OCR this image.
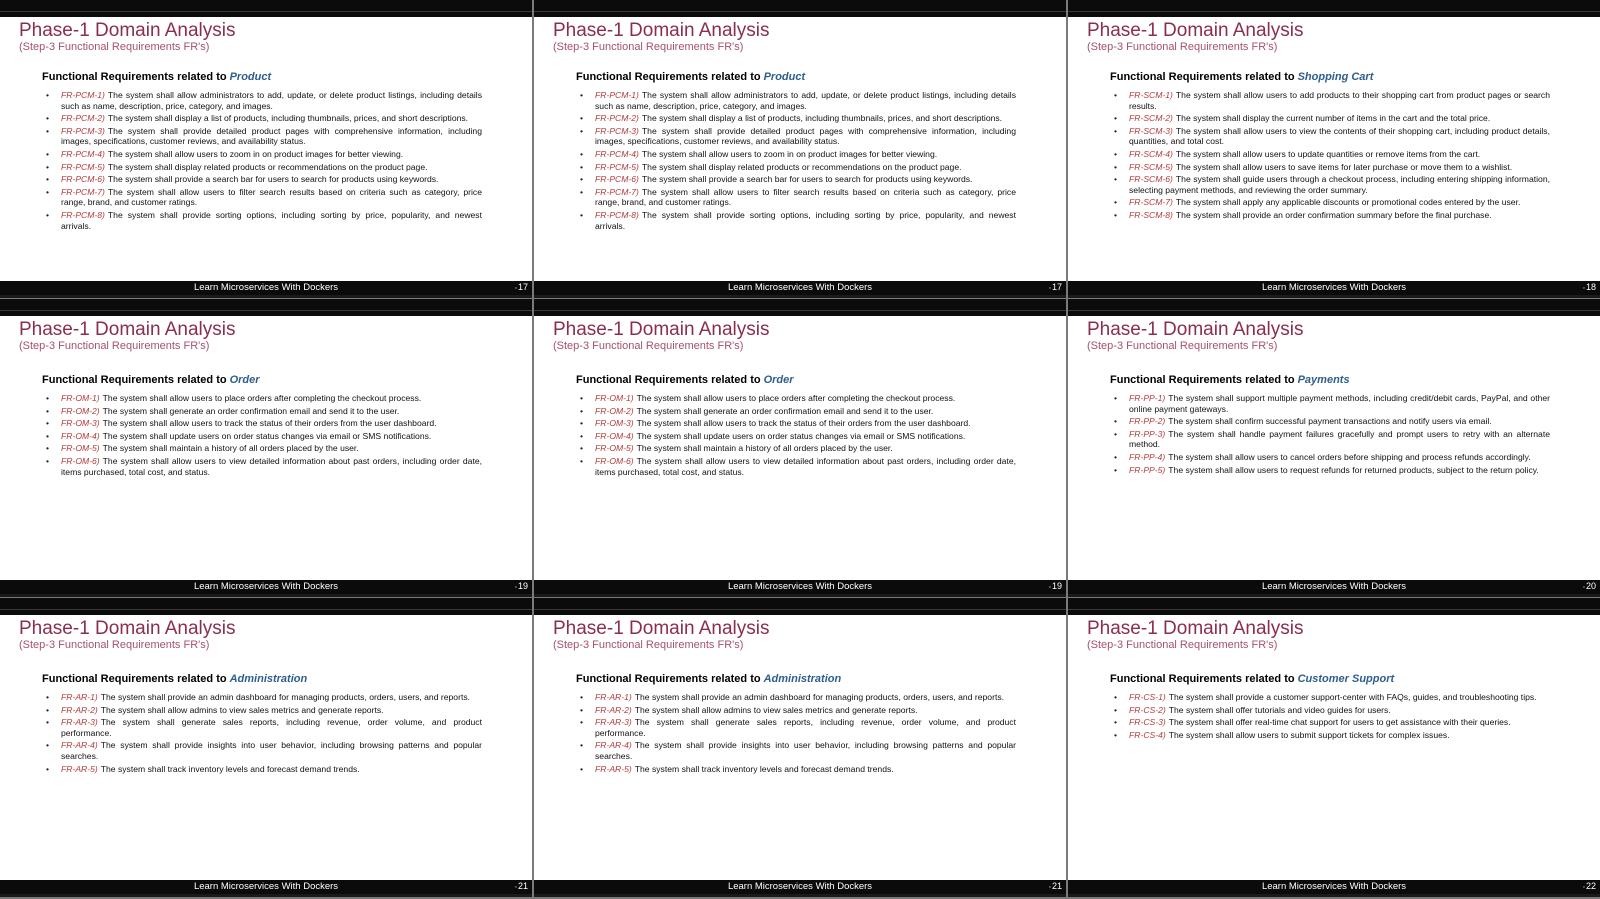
Phase-1 Domain Analysis
(Step-3 Functional Requirements FR's)
Functional Requirements related to Product
• FR-PCM-1) The system shall allow administrators to add, update, or delete product listings, including details such as name, description, price, category, and images.
• FR-PCM-2) The system shall display a list of products, including thumbnails, prices, and short descriptions.
• FR-PCM-3) The system shall provide detailed product pages with comprehensive information, including images, specifications, customer reviews, and availability status.
• FR-PCM-4) The system shall allow users to zoom in on product images for better viewing.
• FR-PCM-5) The system shall display related products or recommendations on the product page.
• FR-PCM-6) The system shall provide a search bar for users to search for products using keywords.
• FR-PCM-7) The system shall allow users to filter search results based on criteria such as category, price range, brand, and customer ratings.
• FR-PCM-8) The system shall provide sorting options, including sorting by price, popularity, and newest arrivals.
Learn Microservices With Dockers	▫ 17
Phase-1 Domain Analysis
(Step-3 Functional Requirements FR's)
Functional Requirements related to Product
• FR-PCM-1) The system shall allow administrators to add, update, or delete product listings, including details such as name, description, price, category, and images.
• FR-PCM-2) The system shall display a list of products, including thumbnails, prices, and short descriptions.
• FR-PCM-3) The system shall provide detailed product pages with comprehensive information, including images, specifications, customer reviews, and availability status.
• FR-PCM-4) The system shall allow users to zoom in on product images for better viewing.
• FR-PCM-5) The system shall display related products or recommendations on the product page.
• FR-PCM-6) The system shall provide a search bar for users to search for products using keywords.
• FR-PCM-7) The system shall allow users to filter search results based on criteria such as category, price range, brand, and customer ratings.
• FR-PCM-8) The system shall provide sorting options, including sorting by price, popularity, and newest arrivals.
Learn Microservices With Dockers	▫ 17
Phase-1 Domain Analysis
(Step-3 Functional Requirements FR's)
Functional Requirements related to Shopping Cart
• FR-SCM-1) The system shall allow users to add products to their shopping cart from product pages or search results.
• FR-SCM-2) The system shall display the current number of items in the cart and the total price.
• FR-SCM-3) The system shall allow users to view the contents of their shopping cart, including product details, quantities, and total cost.
• FR-SCM-4) The system shall allow users to update quantities or remove items from the cart.
• FR-SCM-5) The system shall allow users to save items for later purchase or move them to a wishlist.
• FR-SCM-6) The system shall guide users through a checkout process, including entering shipping information, selecting payment methods, and reviewing the order summary.
• FR-SCM-7) The system shall apply any applicable discounts or promotional codes entered by the user.
• FR-SCM-8) The system shall provide an order confirmation summary before the final purchase.
Learn Microservices With Dockers	▫ 18
Phase-1 Domain Analysis
(Step-3 Functional Requirements FR's)
Functional Requirements related to Order
• FR-OM-1) The system shall allow users to place orders after completing the checkout process.
• FR-OM-2) The system shall generate an order confirmation email and send it to the user.
• FR-OM-3) The system shall allow users to track the status of their orders from the user dashboard.
• FR-OM-4) The system shall update users on order status changes via email or SMS notifications.
• FR-OM-5) The system shall maintain a history of all orders placed by the user.
• FR-OM-6) The system shall allow users to view detailed information about past orders, including order date, items purchased, total cost, and status.
Learn Microservices With Dockers	▫ 19
Phase-1 Domain Analysis
(Step-3 Functional Requirements FR's)
Functional Requirements related to Order
• FR-OM-1) The system shall allow users to place orders after completing the checkout process.
• FR-OM-2) The system shall generate an order confirmation email and send it to the user.
• FR-OM-3) The system shall allow users to track the status of their orders from the user dashboard.
• FR-OM-4) The system shall update users on order status changes via email or SMS notifications.
• FR-OM-5) The system shall maintain a history of all orders placed by the user.
• FR-OM-6) The system shall allow users to view detailed information about past orders, including order date, items purchased, total cost, and status.
Learn Microservices With Dockers	▫ 19
Phase-1 Domain Analysis
(Step-3 Functional Requirements FR's)
Functional Requirements related to Payments
• FR-PP-1) The system shall support multiple payment methods, including credit/debit cards, PayPal, and other online payment gateways.
• FR-PP-2) The system shall confirm successful payment transactions and notify users via email.
• FR-PP-3) The system shall handle payment failures gracefully and prompt users to retry with an alternate method.
• FR-PP-4) The system shall allow users to cancel orders before shipping and process refunds accordingly.
• FR-PP-5) The system shall allow users to request refunds for returned products, subject to the return policy.
Learn Microservices With Dockers	▫ 20
Phase-1 Domain Analysis
(Step-3 Functional Requirements FR's)
Functional Requirements related to Administration
• FR-AR-1) The system shall provide an admin dashboard for managing products, orders, users, and reports.
• FR-AR-2) The system shall allow admins to view sales metrics and generate reports.
• FR-AR-3) The system shall generate sales reports, including revenue, order volume, and product performance.
• FR-AR-4) The system shall provide insights into user behavior, including browsing patterns and popular searches.
• FR-AR-5) The system shall track inventory levels and forecast demand trends.
Learn Microservices With Dockers	▫ 21
Phase-1 Domain Analysis
(Step-3 Functional Requirements FR's)
Functional Requirements related to Administration
• FR-AR-1) The system shall provide an admin dashboard for managing products, orders, users, and reports.
• FR-AR-2) The system shall allow admins to view sales metrics and generate reports.
• FR-AR-3) The system shall generate sales reports, including revenue, order volume, and product performance.
• FR-AR-4) The system shall provide insights into user behavior, including browsing patterns and popular searches.
• FR-AR-5) The system shall track inventory levels and forecast demand trends.
Learn Microservices With Dockers	▫ 21
Phase-1 Domain Analysis
(Step-3 Functional Requirements FR's)
Functional Requirements related to Customer Support
• FR-CS-1) The system shall provide a customer support-center with FAQs, guides, and troubleshooting tips.
• FR-CS-2) The system shall offer tutorials and video guides for users.
• FR-CS-3) The system shall offer real-time chat support for users to get assistance with their queries.
• FR-CS-4) The system shall allow users to submit support tickets for complex issues.
Learn Microservices With Dockers	▫ 22
